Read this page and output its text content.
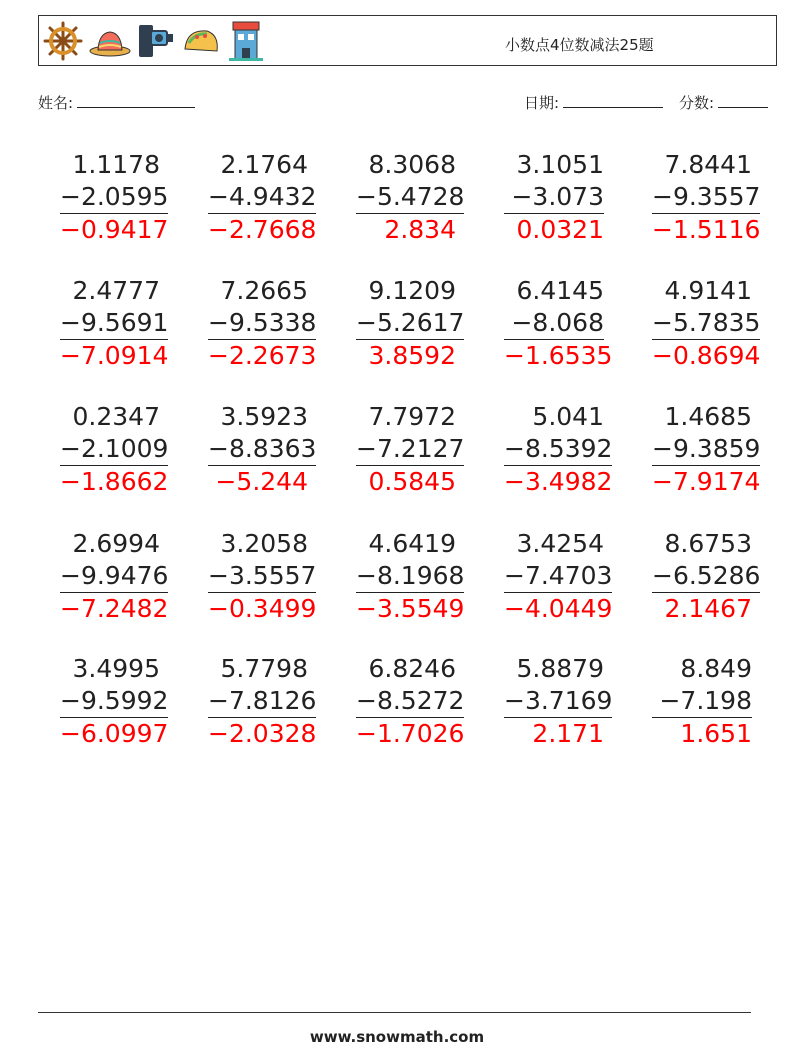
小数点4位数减法25题
姓名:	日期:	分数:
1.1178
−2.0595
−0.9417
2.1764
−4.9432
−2.7668
8.3068
−5.4728
2.834
3.1051
−3.073
0.0321
7.8441
−9.3557
−1.5116
2.4777
−9.5691
−7.0914
7.2665
−9.5338
−2.2673
9.1209
−5.2617
3.8592
6.4145
−8.068
−1.6535
4.9141
−5.7835
−0.8694
0.2347
−2.1009
−1.8662
3.5923
−8.8363
−5.244
7.7972
−7.2127
0.5845
5.041
−8.5392
−3.4982
1.4685
−9.3859
−7.9174
2.6994
−9.9476
−7.2482
3.2058
−3.5557
−0.3499
4.6419
−8.1968
−3.5549
3.4254
−7.4703
−4.0449
8.6753
−6.5286
2.1467
3.4995
−9.5992
−6.0997
5.7798
−7.8126
−2.0328
6.8246
−8.5272
−1.7026
5.8879
−3.7169
2.171
8.849
−7.198
1.651
www.snowmath.com
